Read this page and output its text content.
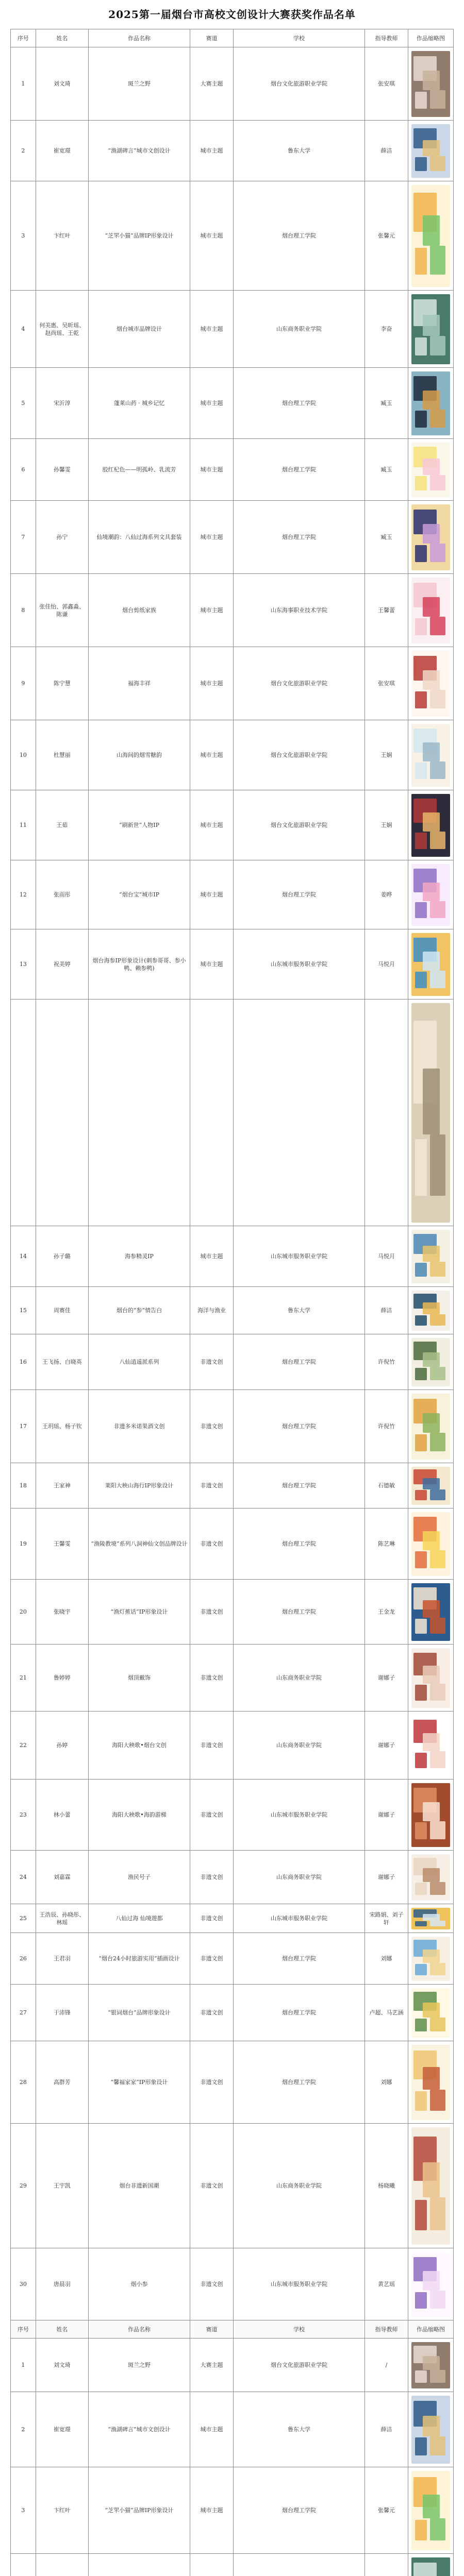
2025第一届烟台市高校文创设计大赛获奖作品名单
序号	姓名	作品名称	赛道	学校	指导教师	作品缩略图
1	刘文琦	斑兰之野	大赛主题	烟台文化旅游职业学院	张安琪	

2	崔宽璟	“渔湖碑言”城市文创设计	城市主题	鲁东大学	薛洁	

3	卞红叶	“芝罘小猫”品牌IP形象设计	城市主题	烟台理工学院	张馨元	

4	何美惠、吴昕瑶、赵尚瑶、王乾	烟台城市品牌设计	城市主题	山东商务职业学院	李奋	

5	宋沂淳	蓬莱山药 · 城乡记忆	城市主题	烟台理工学院	臧玉	

6	孙馨雯	胶红杞色——明孤岭、乳流芳	城市主题	烟台理工学院	臧玉	

7	孙宁	仙境潮韵：八仙过海系列文具套装	城市主题	烟台理工学院	臧玉	

8	张佳怡、郭鑫淼、陈谦	烟台剪纸家族	城市主题	山东海事职业技术学院	王馨蕾	

9	陈宁慧	福海丰祥	城市主题	烟台文化旅游职业学院	张安琪	

10	杜慧丽	山海间的烟雪糖韵	城市主题	烟台文化旅游职业学院	王娴	

11	王茹	“刷新世”人物IP	城市主题	烟台文化旅游职业学院	王娴	

12	张雨彤	“烟台宝”城市IP	城市主题	烟台理工学院	姜晔	

13	祝美婷	烟台海参IP形象设计(刺参哥哥、参小鸭、赖参鸭)	城市主题	山东城市服务职业学院	马悦月	

14	孙子璐	海参精灵IP	城市主题	山东城市服务职业学院	马悦月	

15	周赛佳	烟台的“参”情告白	海洋与渔业	鲁东大学	薛洁	

16	王飞扬、白晓英	八仙逍遥派系列	非遗文创	烟台理工学院	许倪竹	

17	王玥瑶、杨子钦	非遗多米诺果酒文创	非遗文创	烟台理工学院	许倪竹	

18	王家神	莱阳大秧山海行IP形象设计	非遗文创	烟台理工学院	石德敏	

19	王馨雯	“渔陵教境”系列八洞神仙文创品牌设计	非遗文创	烟台理工学院	陈艺琳	

20	张晓宇	“渔灯蕉话”IP形象设计	非遗文创	烟台理工学院	王金龙	

21	鲁婷婷	烟顶戴饰	非遗文创	山东商务职业学院	谢娜子	

22	孙婷	海阳大秧歌•烟台文创	非遗文创	山东商务职业学院	谢娜子	

23	林小蕾	海阳大秧歌•海韵游梯	非遗文创	山东城市服务职业学院	谢娜子	

24	刘嘉霖	渔民号子	非遗文创	山东商务职业学院	谢娜子	

25	王浩辰、孙晓彤、林瑶	八仙过海 仙境遊都	非遗文创	山东城市服务职业学院	宋路娟、刘子轩	

26	王君羽	“烟台24小时旅游实用”插画设计	非遗文创	烟台理工学院	刘娜	

27	于沛锋	“银词烟台”品牌形象设计	非遗文创	烟台理工学院	卢超、马艺涵	

28	高群芳	“馨福家家”IP形象设计	非遗文创	烟台理工学院	刘娜	

29	王宇凯	烟台非遗新国潮	非遗文创	山东商务职业学院	杨晓曦	

30	唐晨羽	烟小参	非遗文创	山东城市服务职业学院	黄艺瑶	

序号	姓名	作品名称	赛道	学校	指导教师	作品缩略图
1	刘文琦	斑兰之野	大赛主题	烟台文化旅游职业学院	/	

2	崔宽璟	“渔湖碑言”城市文创设计	城市主题	鲁东大学	薛洁	

3	卞红叶	“芝罘小猫”品牌IP形象设计	城市主题	烟台理工学院	张馨元	
